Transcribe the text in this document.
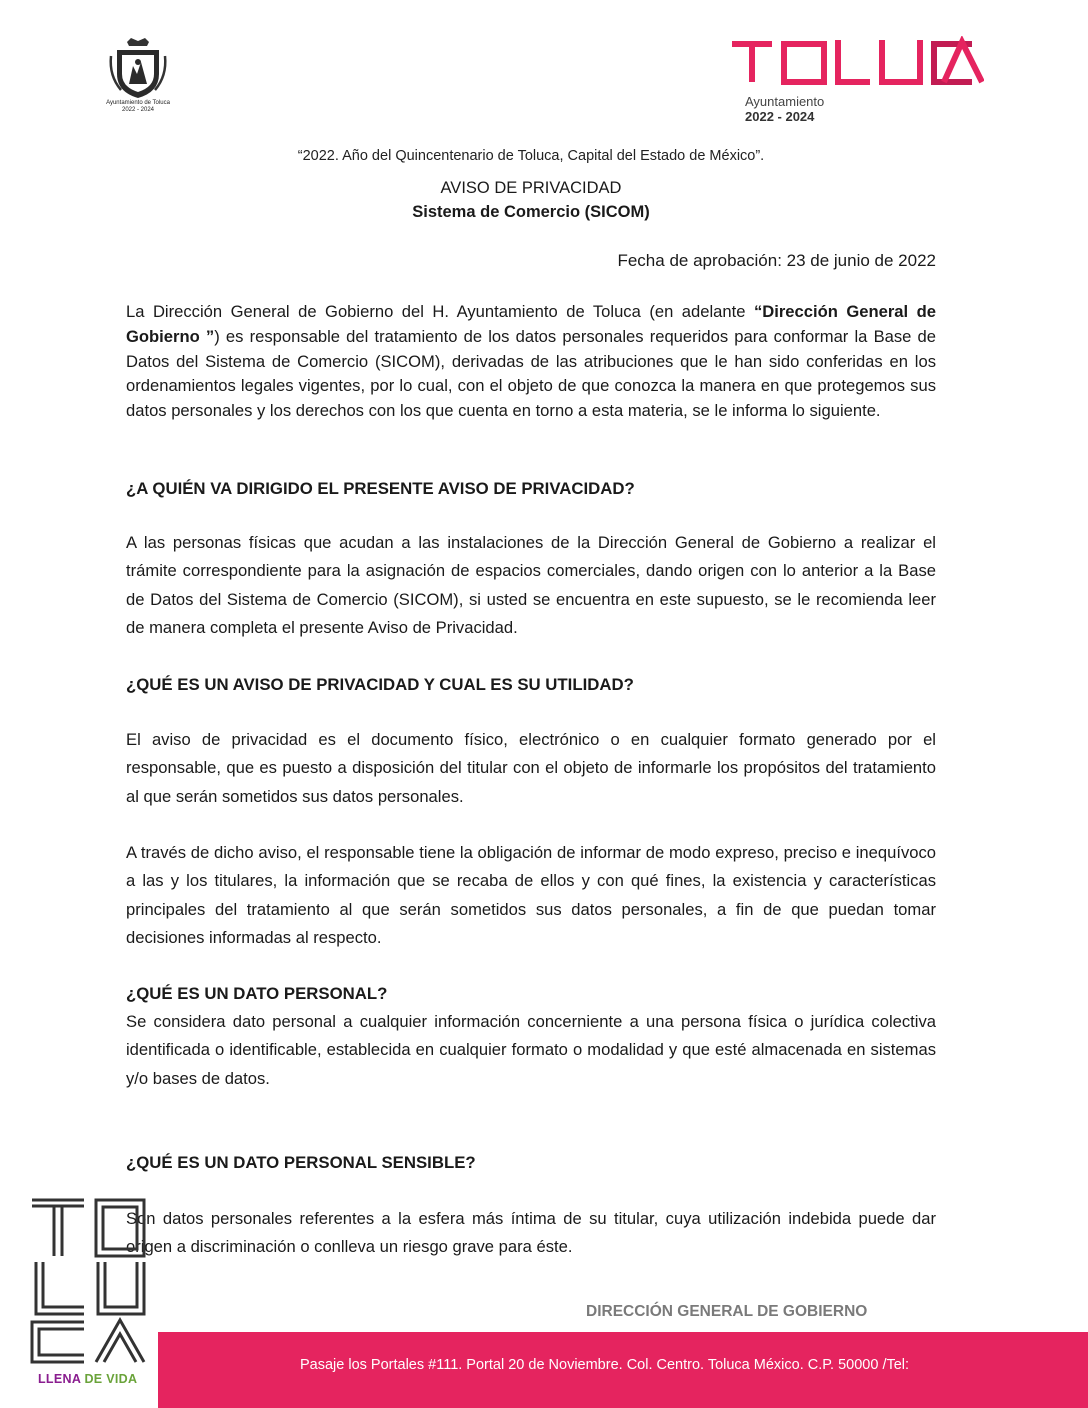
Ayuntamiento de Toluca
2022 - 2024
Ayuntamiento
2022 - 2024
“2022. Año del Quincentenario de Toluca, Capital del Estado de México”.
AVISO DE PRIVACIDAD
Sistema de Comercio (SICOM)
Fecha de aprobación: 23 de junio de 2022
La Dirección General de Gobierno del H. Ayuntamiento de Toluca (en adelante “Dirección General de Gobierno ”) es responsable del tratamiento de los datos personales requeridos para conformar la Base de Datos del Sistema de Comercio (SICOM), derivadas de las atribuciones que le han sido conferidas en los ordenamientos legales vigentes, por lo cual, con el objeto de que conozca la manera en que protegemos sus datos personales y los derechos con los que cuenta en torno a esta materia, se le informa lo siguiente.
¿A QUIÉN VA DIRIGIDO EL PRESENTE AVISO DE PRIVACIDAD?
A las personas físicas que acudan a las instalaciones de la Dirección General de Gobierno a realizar el trámite correspondiente para la asignación de espacios comerciales, dando origen con lo anterior a la Base de Datos del Sistema de Comercio (SICOM), si usted se encuentra en este supuesto, se le recomienda leer de manera completa el presente Aviso de Privacidad.
¿QUÉ ES UN AVISO DE PRIVACIDAD Y CUAL ES SU UTILIDAD?
El aviso de privacidad es el documento físico, electrónico o en cualquier formato generado por el responsable, que es puesto a disposición del titular con el objeto de informarle los propósitos del tratamiento al que serán sometidos sus datos personales.
A través de dicho aviso, el responsable tiene la obligación de informar de modo expreso, preciso e inequívoco a las y los titulares, la información que se recaba de ellos y con qué fines, la existencia y características principales del tratamiento al que serán sometidos sus datos personales, a fin de que puedan tomar decisiones informadas al respecto.
¿QUÉ ES UN DATO PERSONAL?
Se considera dato personal a cualquier información concerniente a una persona física o jurídica colectiva identificada o identificable, establecida en cualquier formato o modalidad y que esté almacenada en sistemas y/o bases de datos.
¿QUÉ ES UN DATO PERSONAL SENSIBLE?
Son datos personales referentes a la esfera más íntima de su titular, cuya utilización indebida puede dar origen a discriminación o conlleva un riesgo grave para éste.
LLENA DE VIDA
DIRECCIÓN GENERAL DE GOBIERNO
Pasaje los Portales #111. Portal 20 de Noviembre. Col. Centro. Toluca México. C.P. 50000 /Tel:
